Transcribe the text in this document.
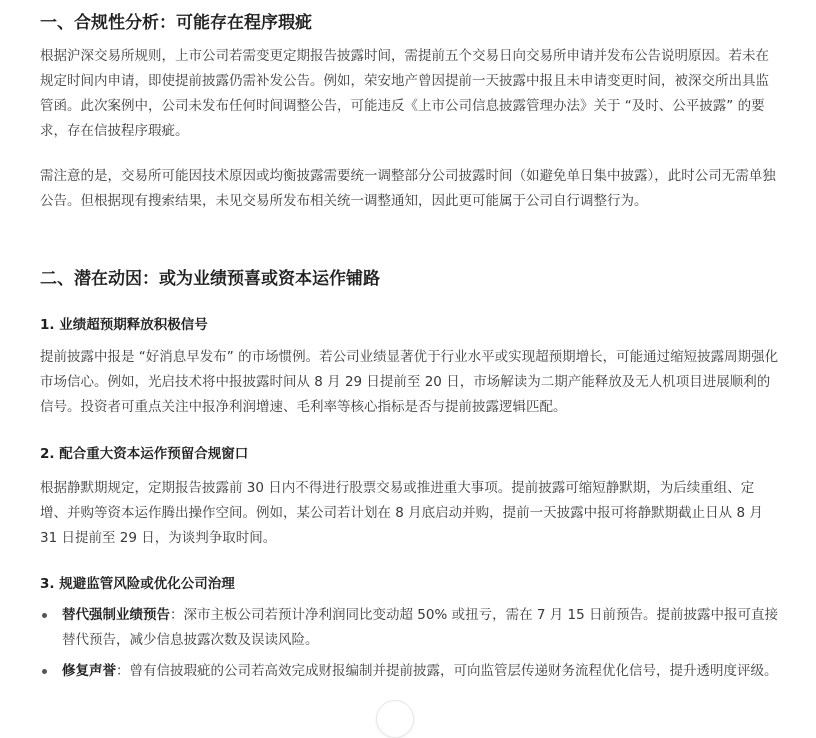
一、合规性分析：可能存在程序瑕疵

根据沪深交易所规则，上市公司若需变更定期报告披露时间，需提前五个交易日向交易所申请并发布公告说明原因。若未在规定时间内申请，即使提前披露仍需补发公告。例如，荣安地产曾因提前一天披露中报且未申请变更时间，被深交所出具监管函。此次案例中，公司未发布任何时间调整公告，可能违反《上市公司信息披露管理办法》关于 “及时、公平披露” 的要求，存在信披程序瑕疵。

需注意的是，交易所可能因技术原因或均衡披露需要统一调整部分公司披露时间（如避免单日集中披露），此时公司无需单独公告。但根据现有搜索结果，未见交易所发布相关统一调整通知，因此更可能属于公司自行调整行为。

二、潜在动因：或为业绩预喜或资本运作铺路
1. 业绩超预期释放积极信号

提前披露中报是 “好消息早发布” 的市场惯例。若公司业绩显著优于行业水平或实现超预期增长，可能通过缩短披露周期强化市场信心。例如，光启技术将中报披露时间从 8 月 29 日提前至 20 日，市场解读为二期产能释放及无人机项目进展顺利的信号。投资者可重点关注中报净利润增速、毛利率等核心指标是否与提前披露逻辑匹配。

2. 配合重大资本运作预留合规窗口

根据静默期规定，定期报告披露前 30 日内不得进行股票交易或推进重大事项。提前披露可缩短静默期，为后续重组、定增、并购等资本运作腾出操作空间。例如，某公司若计划在 8 月底启动并购，提前一天披露中报可将静默期截止日从 8 月 31 日提前至 29 日，为谈判争取时间。

3. 规避监管风险或优化公司治理
替代强制业绩预告：深市主板公司若预计净利润同比变动超 50% 或扭亏，需在 7 月 15 日前预告。提前披露中报可直接替代预告，减少信息披露次数及误读风险。
修复声誉：曾有信披瑕疵的公司若高效完成财报编制并提前披露，可向监管层传递财务流程优化信号，提升透明度评级。
